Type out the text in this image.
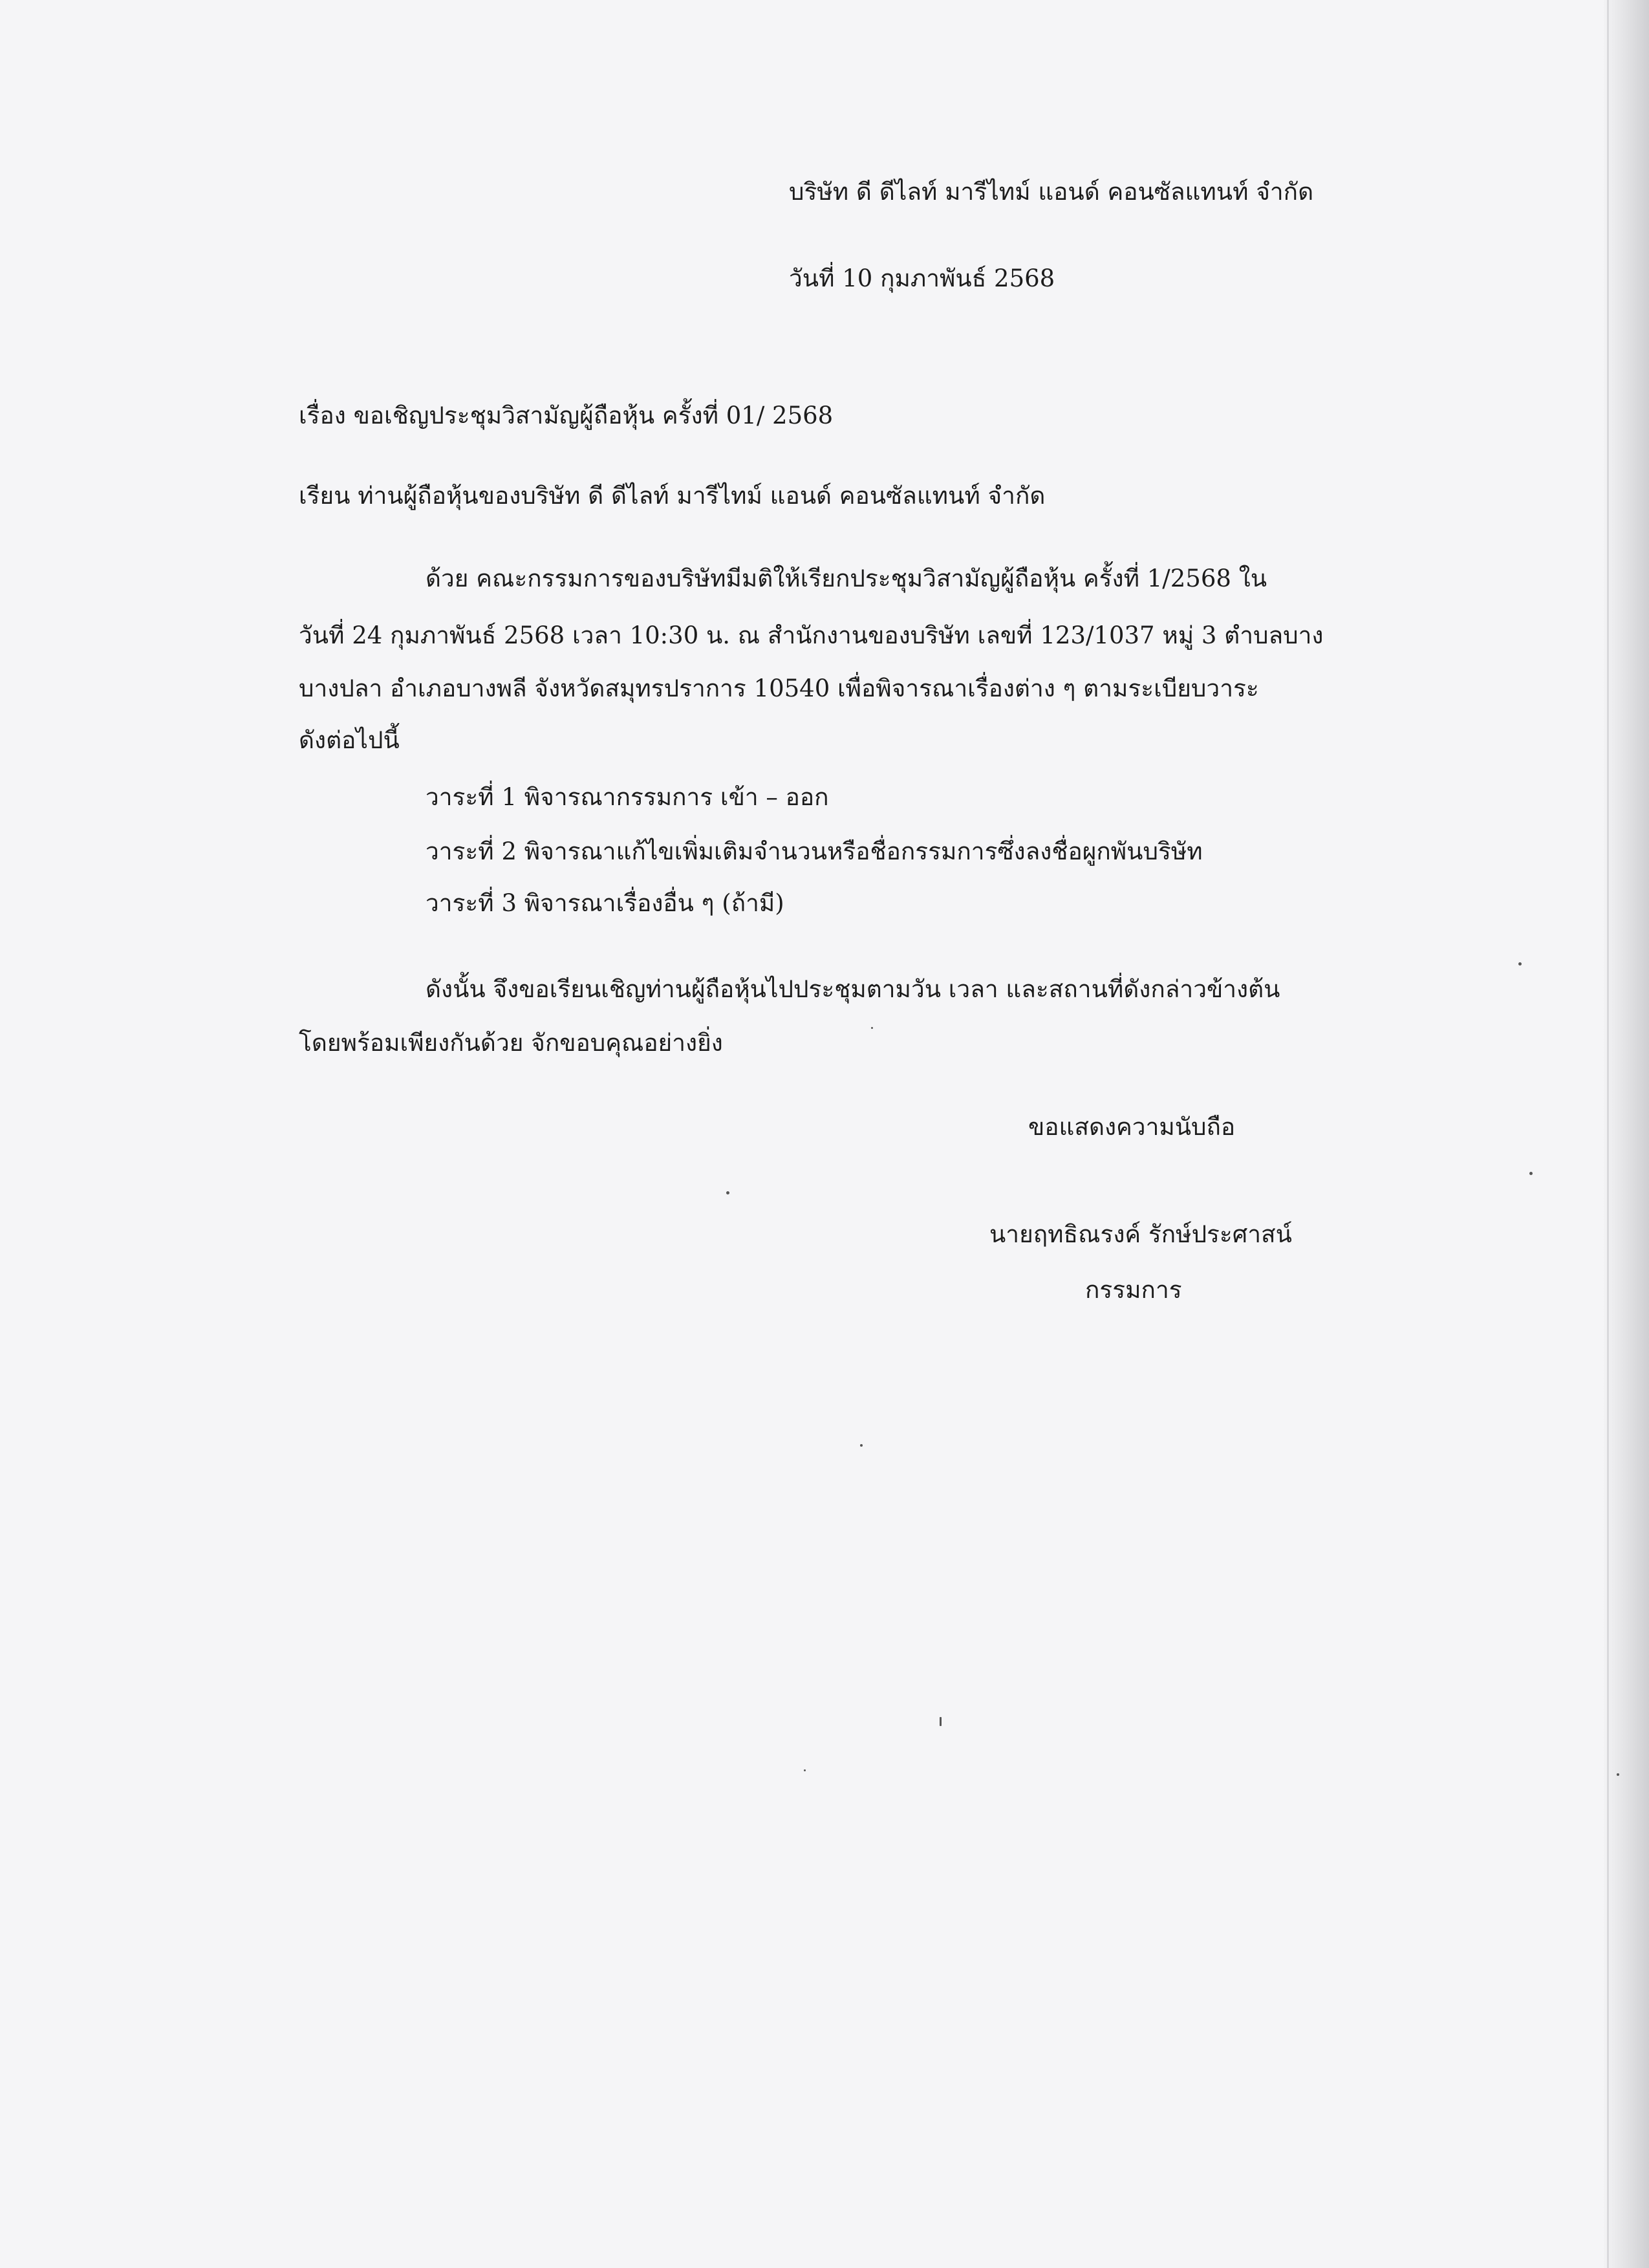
บริษัท ดี ดีไลท์ มารีไทม์ แอนด์ คอนซัลแทนท์ จำกัด
วันที่ 10 กุมภาพันธ์ 2568
เรื่อง ขอเชิญประชุมวิสามัญผู้ถือหุ้น ครั้งที่ 01/ 2568
เรียน ท่านผู้ถือหุ้นของบริษัท ดี ดีไลท์ มารีไทม์ แอนด์ คอนซัลแทนท์ จำกัด
ด้วย คณะกรรมการของบริษัทมีมติให้เรียกประชุมวิสามัญผู้ถือหุ้น ครั้งที่ 1/2568 ใน
วันที่ 24 กุมภาพันธ์ 2568 เวลา 10:30 น. ณ สำนักงานของบริษัท เลขที่ 123/1037 หมู่ 3 ตำบลบาง
บางปลา อำเภอบางพลี จังหวัดสมุทรปราการ 10540 เพื่อพิจารณาเรื่องต่าง ๆ ตามระเบียบวาระ
ดังต่อไปนี้
วาระที่ 1 พิจารณากรรมการ เข้า – ออก
วาระที่ 2 พิจารณาแก้ไขเพิ่มเติมจำนวนหรือชื่อกรรมการซึ่งลงชื่อผูกพันบริษัท
วาระที่ 3 พิจารณาเรื่องอื่น ๆ (ถ้ามี)
ดังนั้น จึงขอเรียนเชิญท่านผู้ถือหุ้นไปประชุมตามวัน เวลา และสถานที่ดังกล่าวข้างต้น
โดยพร้อมเพียงกันด้วย จักขอบคุณอย่างยิ่ง
ขอแสดงความนับถือ
นายฤทธิณรงค์ รักษ์ประศาสน์
กรรมการ
